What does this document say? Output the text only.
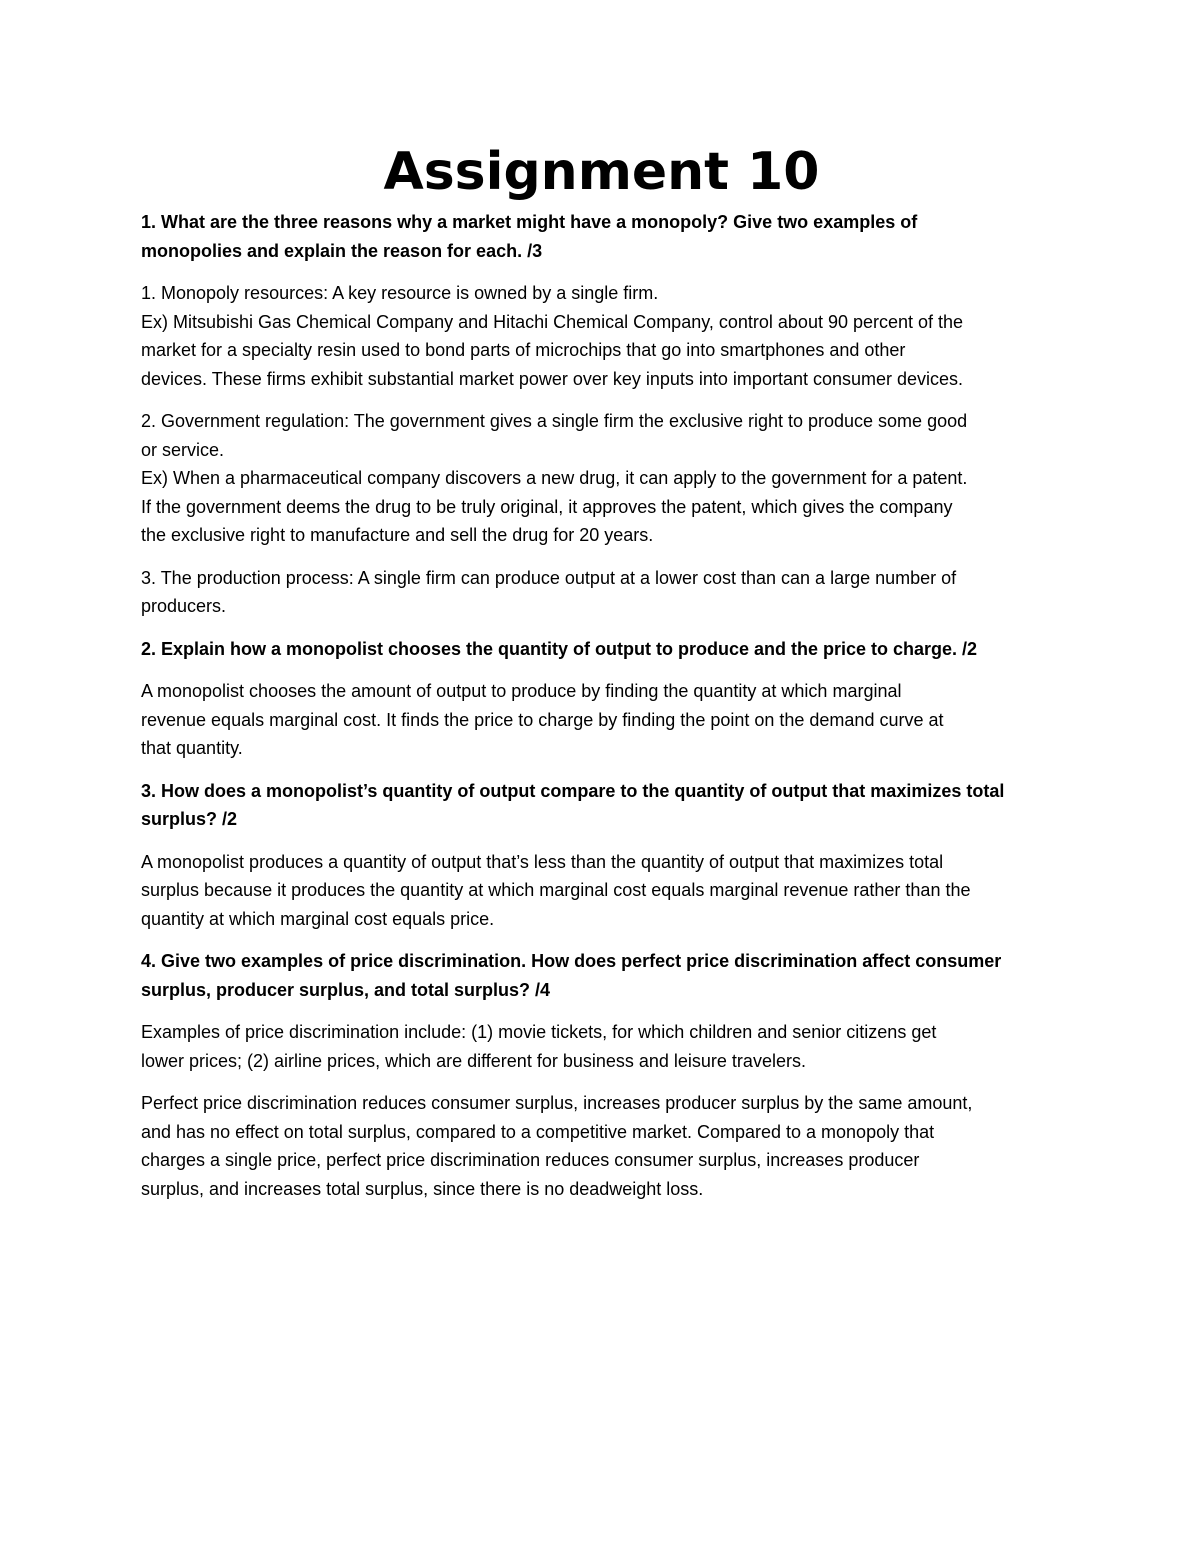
Assignment 10
1. What are the three reasons why a market might have a monopoly? Give two examples of
monopolies and explain the reason for each. /3
1. Monopoly resources: A key resource is owned by a single firm.
Ex) Mitsubishi Gas Chemical Company and Hitachi Chemical Company, control about 90 percent of the
market for a specialty resin used to bond parts of microchips that go into smartphones and other
devices. These firms exhibit substantial market power over key inputs into important consumer devices.
2. Government regulation: The government gives a single firm the exclusive right to produce some good
or service.
Ex) When a pharmaceutical company discovers a new drug, it can apply to the government for a patent.
If the government deems the drug to be truly original, it approves the patent, which gives the company
the exclusive right to manufacture and sell the drug for 20 years.
3. The production process: A single firm can produce output at a lower cost than can a large number of
producers.
2. Explain how a monopolist chooses the quantity of output to produce and the price to charge. /2
A monopolist chooses the amount of output to produce by finding the quantity at which marginal
revenue equals marginal cost. It finds the price to charge by finding the point on the demand curve at
that quantity.
3. How does a monopolist’s quantity of output compare to the quantity of output that maximizes total
surplus? /2
A monopolist produces a quantity of output that’s less than the quantity of output that maximizes total
surplus because it produces the quantity at which marginal cost equals marginal revenue rather than the
quantity at which marginal cost equals price.
4. Give two examples of price discrimination. How does perfect price discrimination affect consumer
surplus, producer surplus, and total surplus? /4
Examples of price discrimination include: (1) movie tickets, for which children and senior citizens get
lower prices; (2) airline prices, which are different for business and leisure travelers.
Perfect price discrimination reduces consumer surplus, increases producer surplus by the same amount,
and has no effect on total surplus, compared to a competitive market. Compared to a monopoly that
charges a single price, perfect price discrimination reduces consumer surplus, increases producer
surplus, and increases total surplus, since there is no deadweight loss.
